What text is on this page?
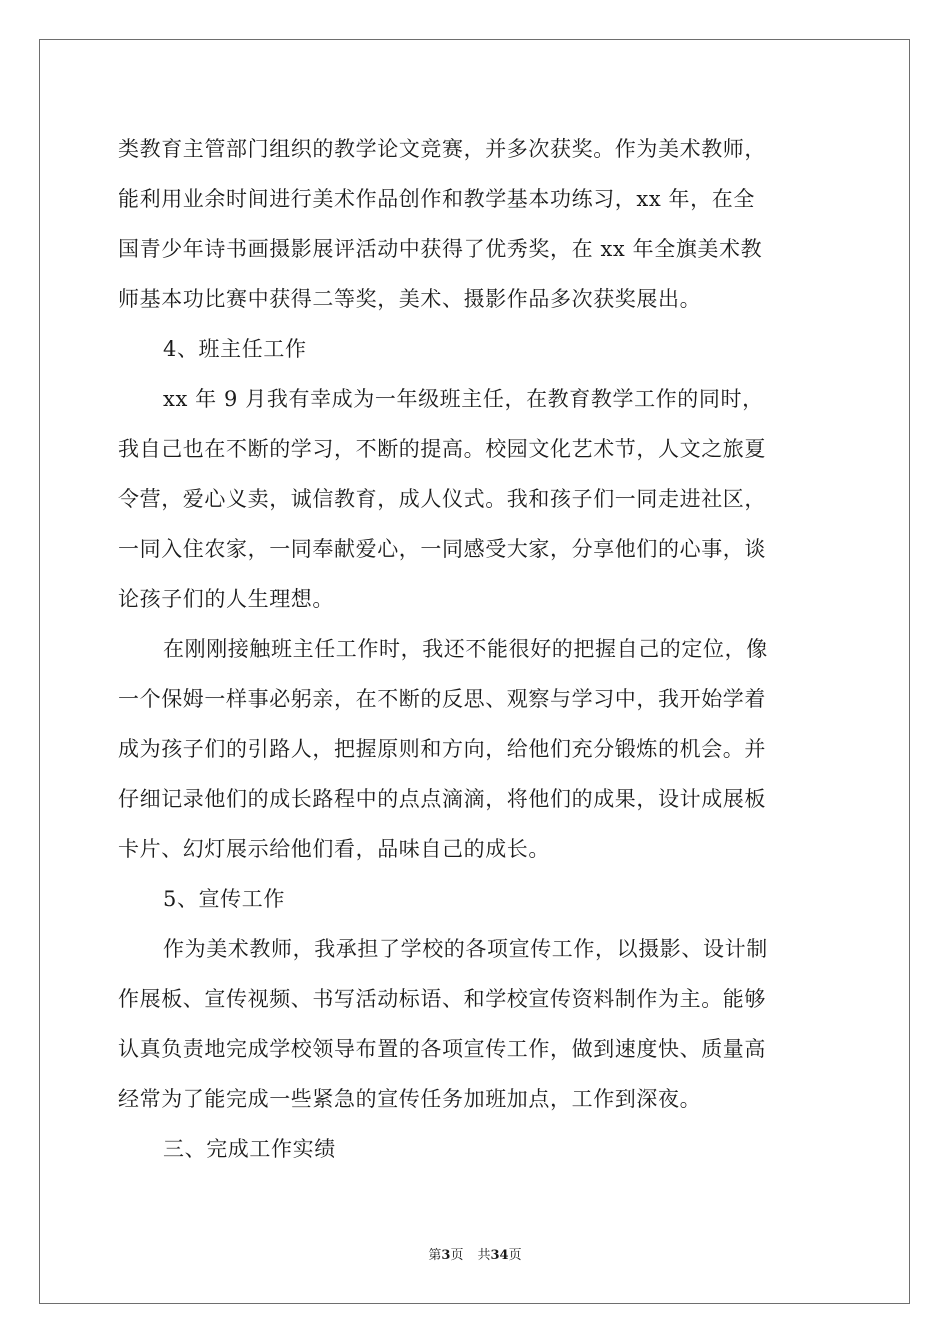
类教育主管部门组织的教学论文竞赛，并多次获奖。作为美术教师，
能利用业余时间进行美术作品创作和教学基本功练习，xx 年，在全
国青少年诗书画摄影展评活动中获得了优秀奖，在 xx 年全旗美术教
师基本功比赛中获得二等奖，美术、摄影作品多次获奖展出。
4、班主任工作
xx 年 9 月我有幸成为一年级班主任，在教育教学工作的同时，
我自己也在不断的学习，不断的提高。校园文化艺术节，人文之旅夏
令营，爱心义卖，诚信教育，成人仪式。我和孩子们一同走进社区，
一同入住农家，一同奉献爱心，一同感受大家，分享他们的心事，谈
论孩子们的人生理想。
在刚刚接触班主任工作时，我还不能很好的把握自己的定位，像
一个保姆一样事必躬亲，在不断的反思、观察与学习中，我开始学着
成为孩子们的引路人，把握原则和方向，给他们充分锻炼的机会。并
仔细记录他们的成长路程中的点点滴滴，将他们的成果，设计成展板
卡片、幻灯展示给他们看，品味自己的成长。
5、宣传工作
作为美术教师，我承担了学校的各项宣传工作，以摄影、设计制
作展板、宣传视频、书写活动标语、和学校宣传资料制作为主。能够
认真负责地完成学校领导布置的各项宣传工作，做到速度快、质量高
经常为了能完成一些紧急的宣传任务加班加点，工作到深夜。
三、完成工作实绩
第3页 共34页
